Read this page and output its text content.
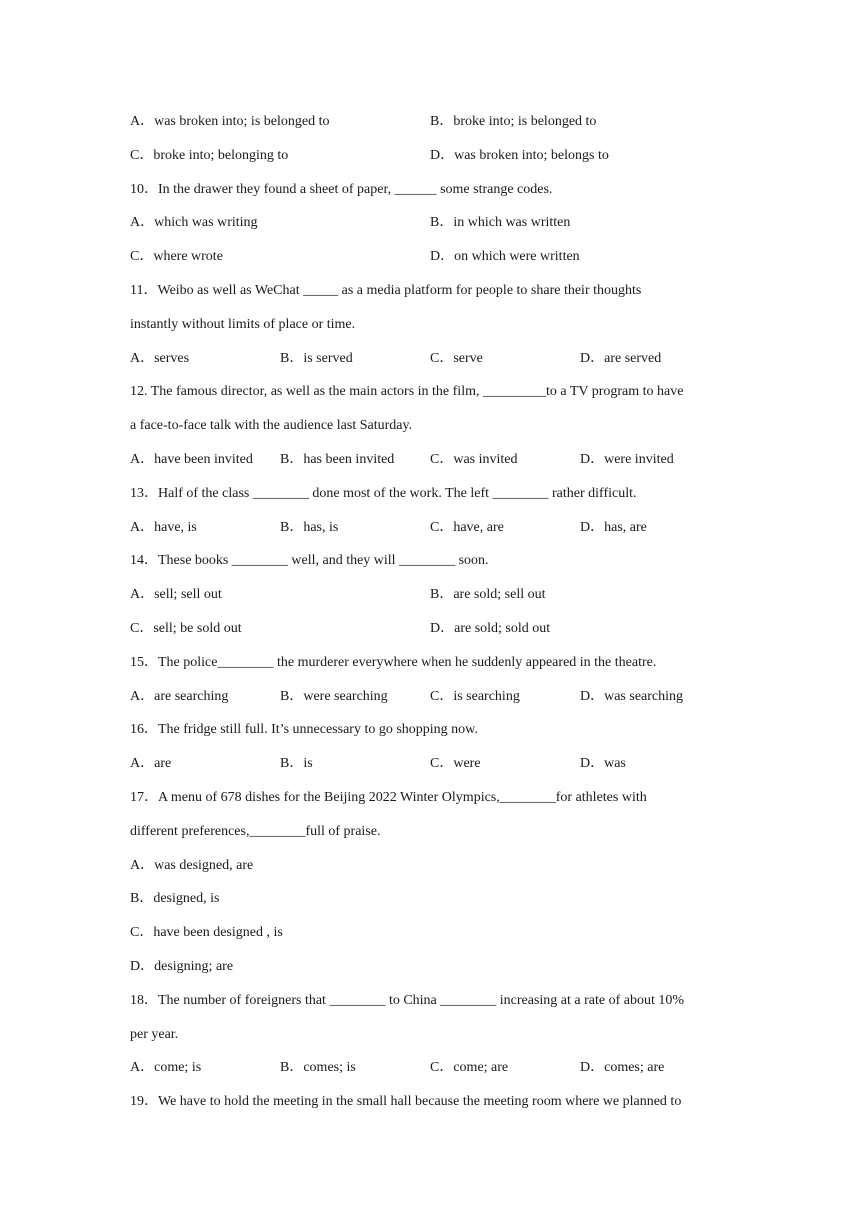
A．was broken into; is belonged to	B．broke into; is belonged to
C．broke into; belonging to	D．was broken into; belongs to
10．In the drawer they found a sheet of paper, ______ some strange codes.
A．which was writing	B．in which was written
C．where wrote	D．on which were written
11．Weibo as well as WeChat _____ as a media platform for people to share their thoughts
instantly without limits of place or time.
A．serves	B．is served	C．serve	D．are served
12. The famous director, as well as the main actors in the film, _________to a TV program to have
a face-to-face talk with the audience last Saturday.
A．have been invited B．has been invited	C．was invited	D．were invited
13．Half of the class ________ done most of the work. The left ________ rather difficult.
A．have, is	B．has, is	C．have, are	D．has, are
14．These books ________ well, and they will ________ soon.
A．sell; sell out	B．are sold; sell out
C．sell; be sold out	D．are sold; sold out
15．The police________ the murderer everywhere when he suddenly appeared in the theatre.
A．are searching	B．were searching	C．is searching	D．was searching
16．The fridge still full. It’s unnecessary to go shopping now.
A．are	B．is	C．were	D．was
17．A menu of 678 dishes for the Beijing 2022 Winter Olympics,________for athletes with
different preferences,________full of praise.
A．was designed, are
B．designed, is
C．have been designed , is
D．designing; are
18．The number of foreigners that ________ to China ________ increasing at a rate of about 10%
per year.
A．come; is	B．comes; is	C．come; are	D．comes; are
19．We have to hold the meeting in the small hall because the meeting room where we planned to
